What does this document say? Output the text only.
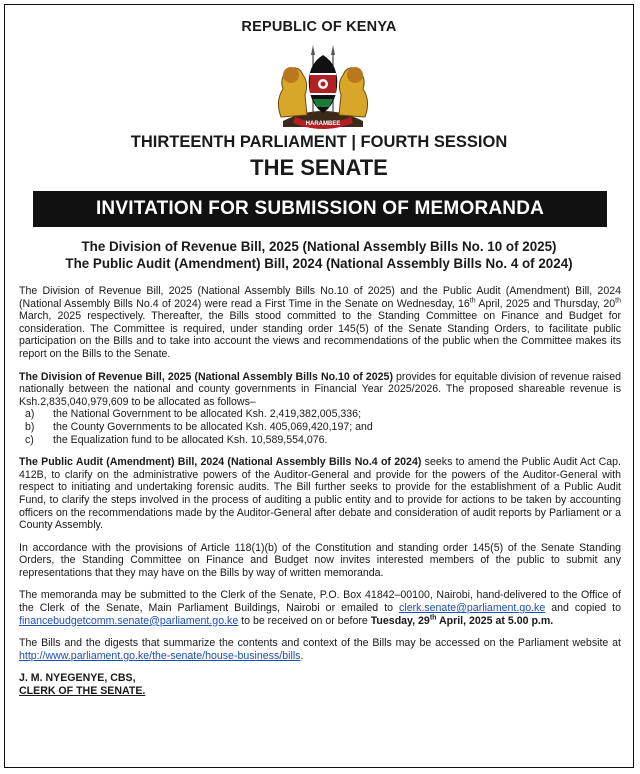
REPUBLIC OF KENYA
HARAMBEE
THIRTEENTH PARLIAMENT | FOURTH SESSION
THE SENATE
INVITATION FOR SUBMISSION OF MEMORANDA
The Division of Revenue Bill, 2025 (National Assembly Bills No. 10 of 2025)
The Public Audit (Amendment) Bill, 2024 (National Assembly Bills No. 4 of 2024)

The Division of Revenue Bill, 2025 (National Assembly Bills No.10 of 2025) and the Public Audit (Amendment) Bill, 2024 (National Assembly Bills No.4 of 2024) were read a First Time in the Senate on Wednesday, 16th April, 2025 and Thursday, 20th March, 2025 respectively. Thereafter, the Bills stood committed to the Standing Committee on Finance and Budget for consideration. The Committee is required, under standing order 145(5) of the Senate Standing Orders, to facilitate public participation on the Bills and to take into account the views and recommendations of the public when the Committee makes its report on the Bills to the Senate.

The Division of Revenue Bill, 2025 (National Assembly Bills No.10 of 2025) provides for equitable division of revenue raised nationally between the national and county governments in Financial Year 2025/2026. The proposed shareable revenue is Ksh.2,835,040,979,609 to be allocated as follows–

a)	the National Government to be allocated Ksh. 2,419,382,005,336;
b)	the County Governments to be allocated Ksh. 405,069,420,197; and
c)	the Equalization fund to be allocated Ksh. 10,589,554,076.

The Public Audit (Amendment) Bill, 2024 (National Assembly Bills No.4 of 2024) seeks to amend the Public Audit Act Cap. 412B, to clarify on the administrative powers of the Auditor-General and provide for the powers of the Auditor-General with respect to initiating and undertaking forensic audits. The Bill further seeks to provide for the establishment of a Public Audit Fund, to clarify the steps involved in the process of auditing a public entity and to provide for actions to be taken by accounting officers on the recommendations made by the Auditor-General after debate and consideration of audit reports by Parliament or a County Assembly.

In accordance with the provisions of Article 118(1)(b) of the Constitution and standing order 145(5) of the Senate Standing Orders, the Standing Committee on Finance and Budget now invites interested members of the public to submit any representations that they may have on the Bills by way of written memoranda.

The memoranda may be submitted to the Clerk of the Senate, P.O. Box 41842–00100, Nairobi, hand-delivered to the Office of the Clerk of the Senate, Main Parliament Buildings, Nairobi or emailed to clerk.senate@parliament.go.ke and copied to financebudgetcomm.senate@parliament.go.ke to be received on or before Tuesday, 29th April, 2025 at 5.00 p.m.

The Bills and the digests that summarize the contents and context of the Bills may be accessed on the Parliament website at http://www.parliament.go.ke/the-senate/house-business/bills.

J. M. NYEGENYE, CBS,
CLERK OF THE SENATE.
